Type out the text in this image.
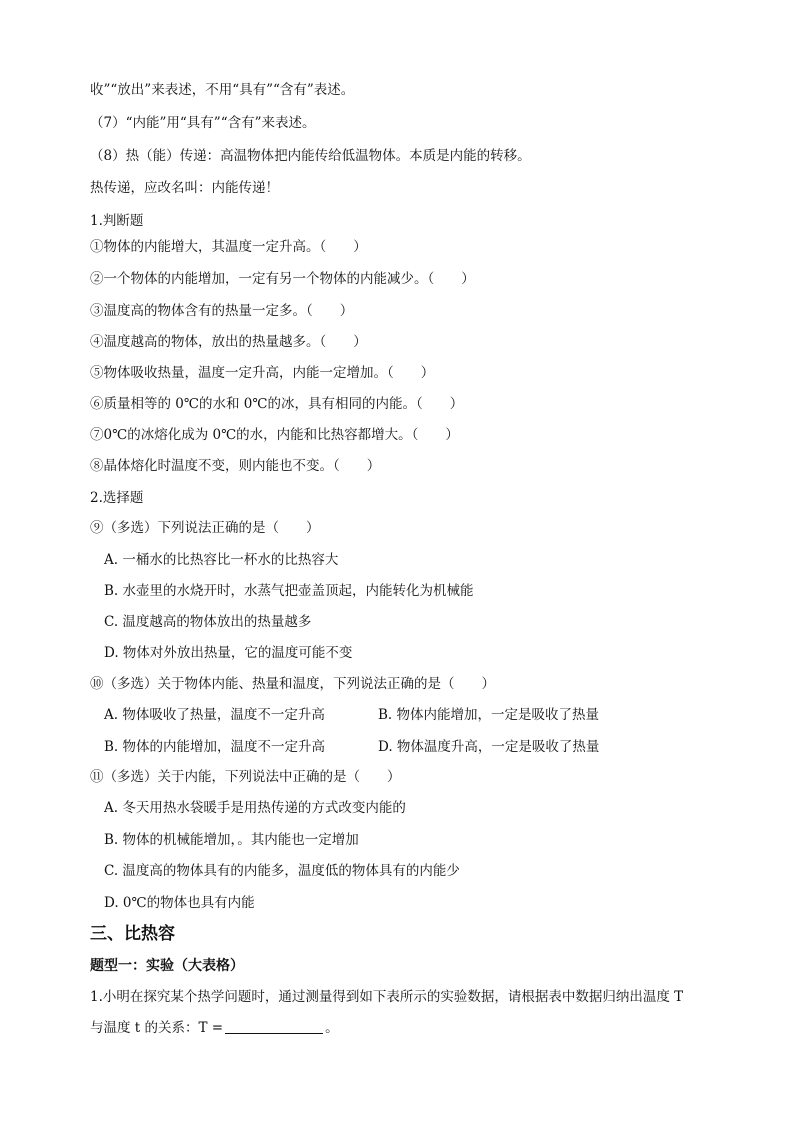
收”“放出”来表述，不用“具有”“含有”表述。
（7）“内能”用“具有”“含有”来表述。
（8）热（能）传递：高温物体把内能传给低温物体。本质是内能的转移。
热传递，应改名叫：内能传递！
1.判断题
①物体的内能增大，其温度一定升高。（　　）
②一个物体的内能增加，一定有另一个物体的内能减少。（　　）
③温度高的物体含有的热量一定多。（　　）
④温度越高的物体，放出的热量越多。（　　）
⑤物体吸收热量，温度一定升高，内能一定增加。（　　）
⑥质量相等的 0℃的水和 0℃的冰，具有相同的内能。（　　）
⑦0℃的冰熔化成为 0℃的水，内能和比热容都增大。（　　）
⑧晶体熔化时温度不变，则内能也不变。（　　）
2.选择题
⑨（多选）下列说法正确的是（　　）
A. 一桶水的比热容比一杯水的比热容大
B. 水壶里的水烧开时，水蒸气把壶盖顶起，内能转化为机械能
C. 温度越高的物体放出的热量越多
D. 物体对外放出热量，它的温度可能不变
⑩（多选）关于物体内能、热量和温度，下列说法正确的是（　　）
A. 物体吸收了热量，温度不一定升高	B. 物体内能增加，一定是吸收了热量
B. 物体的内能增加，温度不一定升高	D. 物体温度升高，一定是吸收了热量
⑪（多选）关于内能，下列说法中正确的是（　　）
A. 冬天用热水袋暖手是用热传递的方式改变内能的
B. 物体的机械能增加，。其内能也一定增加
C. 温度高的物体具有的内能多，温度低的物体具有的内能少
D. 0℃的物体也具有内能
三、比热容
题型一：实验（大表格）
1.小明在探究某个热学问题时，通过测量得到如下表所示的实验数据，请根据表中数据归纳出温度 T
与温度 t 的关系：T =	。
